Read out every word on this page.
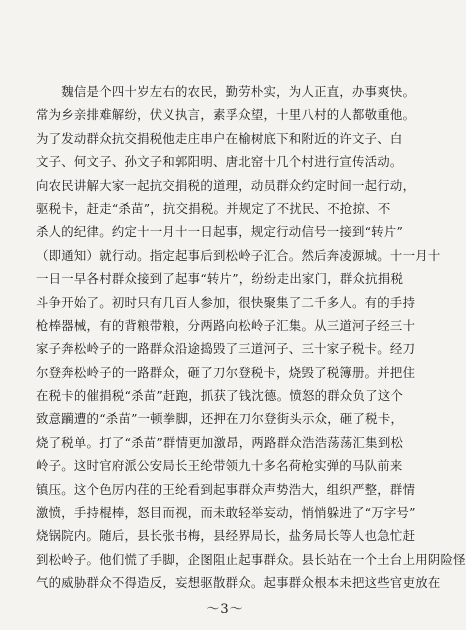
　　魏信是个四十岁左右的农民，勤劳朴实，为人正直，办事爽快。
常为乡亲排难解纷，伏义执言，素孚众望，十里八村的人都敬重他。
为了发动群众抗交捐税他走庄串户在榆树底下和附近的许文子、白
文子、何文子、孙文子和郭阳明、唐北窑十几个村进行宣传活动。
向农民讲解大家一起抗交捐税的道理，动员群众约定时间一起行动，
驱税卡，赶走“杀苗”，抗交捐税。并规定了不扰民、不抢掠、不
杀人的纪律。约定十一月十一日起事，规定行动信号一接到“转片”
（即通知）就行动。指定起事后到松岭子汇合。然后奔凌源城。十一月十
一日一早各村群众接到了起事“转片”，纷纷走出家门，群众抗捐税
斗争开始了。初时只有几百人参加，很快聚集了二千多人。有的手持
枪棒器械，有的背粮带粮，分两路向松岭子汇集。从三道河子经三十
家子奔松岭子的一路群众沿途捣毁了三道河子、三十家子税卡。经刀
尔登奔松岭子的一路群众，砸了刀尔登税卡，烧毁了税簿册。并把住
在税卡的催捐税“杀苗”赶跑，抓获了钱沈德。愤怒的群众负了这个
致意躏遭的“杀苗”一顿拳脚，还押在刀尔登街头示众，砸了税卡，
烧了税单。打了“杀苗”群情更加激昂，两路群众浩浩荡荡汇集到松
岭子。这时官府派公安局长王纶带领九十多名荷枪实弹的马队前来
镇压。这个色厉内荏的王纶看到起事群众声势浩大，组织严整，群情
激愤，手持棍棒，怒目而视，而未敢轻举妄动，悄悄躲进了“万字号”
烧锅院内。随后，县长张书梅，县经界局长，盐务局长等人也急忙赶
到松岭子。他们慌了手脚，企图阻止起事群众。县长站在一个土台上用阴险怪
气的威胁群众不得造反，妄想驱散群众。起事群众根本未把这些官吏放在
～3～
